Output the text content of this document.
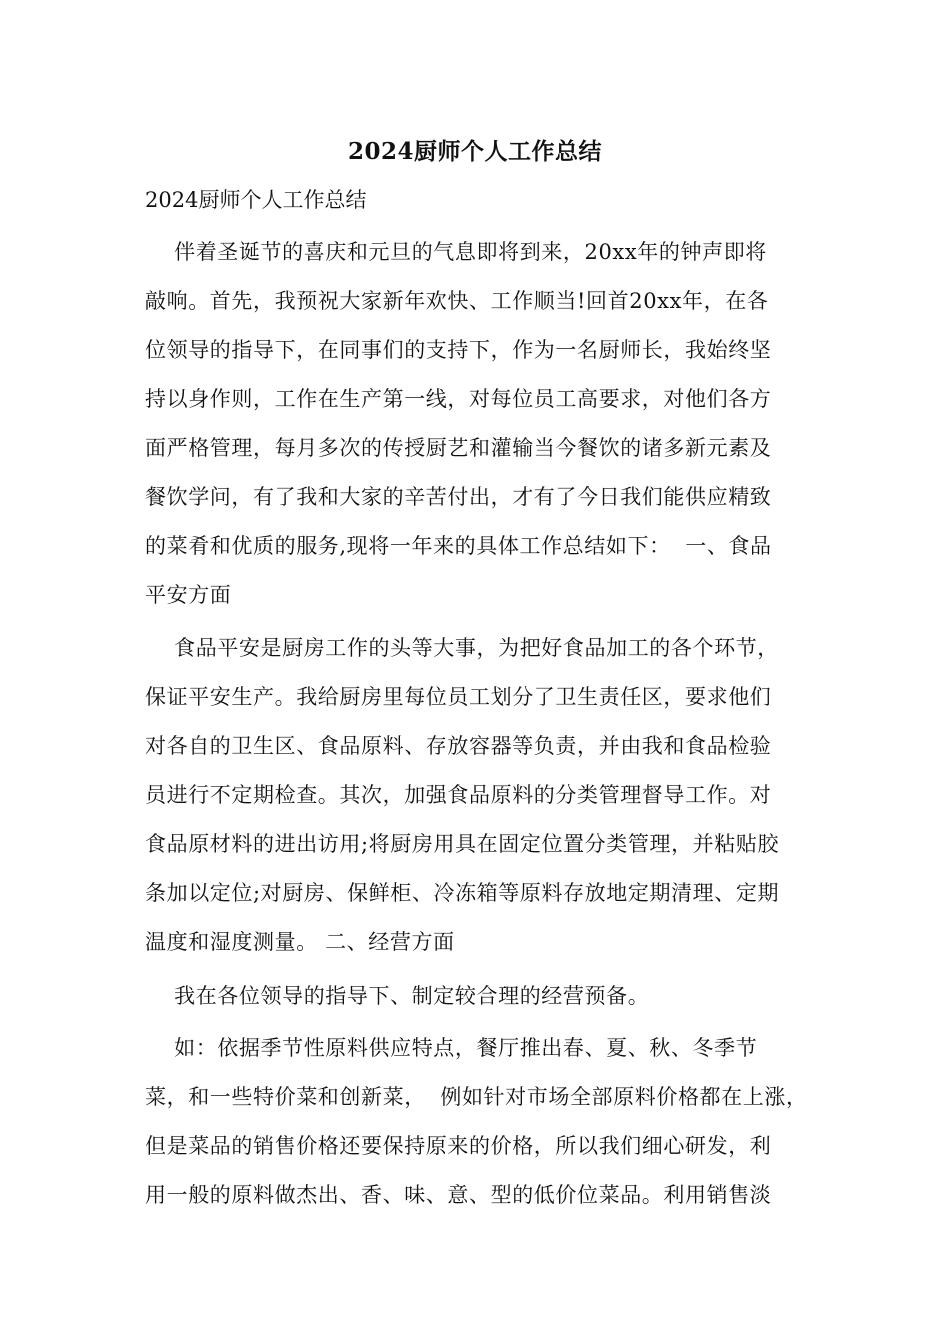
2024厨师个人工作总结
2024厨师个人工作总结
伴着圣诞节的喜庆和元旦的气息即将到来，20xx年的钟声即将
敲响。首先，我预祝大家新年欢快、工作顺当!回首20xx年，在各
位领导的指导下，在同事们的支持下，作为一名厨师长，我始终坚
持以身作则，工作在生产第一线，对每位员工高要求，对他们各方
面严格管理，每月多次的传授厨艺和灌输当今餐饮的诸多新元素及
餐饮学问，有了我和大家的辛苦付出，才有了今日我们能供应精致
的菜肴和优质的服务,现将一年来的具体工作总结如下：  一、食品
平安方面
食品平安是厨房工作的头等大事，为把好食品加工的各个环节，
保证平安生产。我给厨房里每位员工划分了卫生责任区，要求他们
对各自的卫生区、食品原料、存放容器等负责，并由我和食品检验
员进行不定期检查。其次，加强食品原料的分类管理督导工作。对
食品原材料的进出访用;将厨房用具在固定位置分类管理，并粘贴胶
条加以定位;对厨房、保鲜柜、冷冻箱等原料存放地定期清理、定期
温度和湿度测量。 二、经营方面
我在各位领导的指导下、制定较合理的经营预备。
如：依据季节性原料供应特点，餐厅推出春、夏、秋、冬季节
菜，和一些特价菜和创新菜，  例如针对市场全部原料价格都在上涨，
但是菜品的销售价格还要保持原来的价格，所以我们细心研发，利
用一般的原料做杰出、香、味、意、型的低价位菜品。利用销售淡
